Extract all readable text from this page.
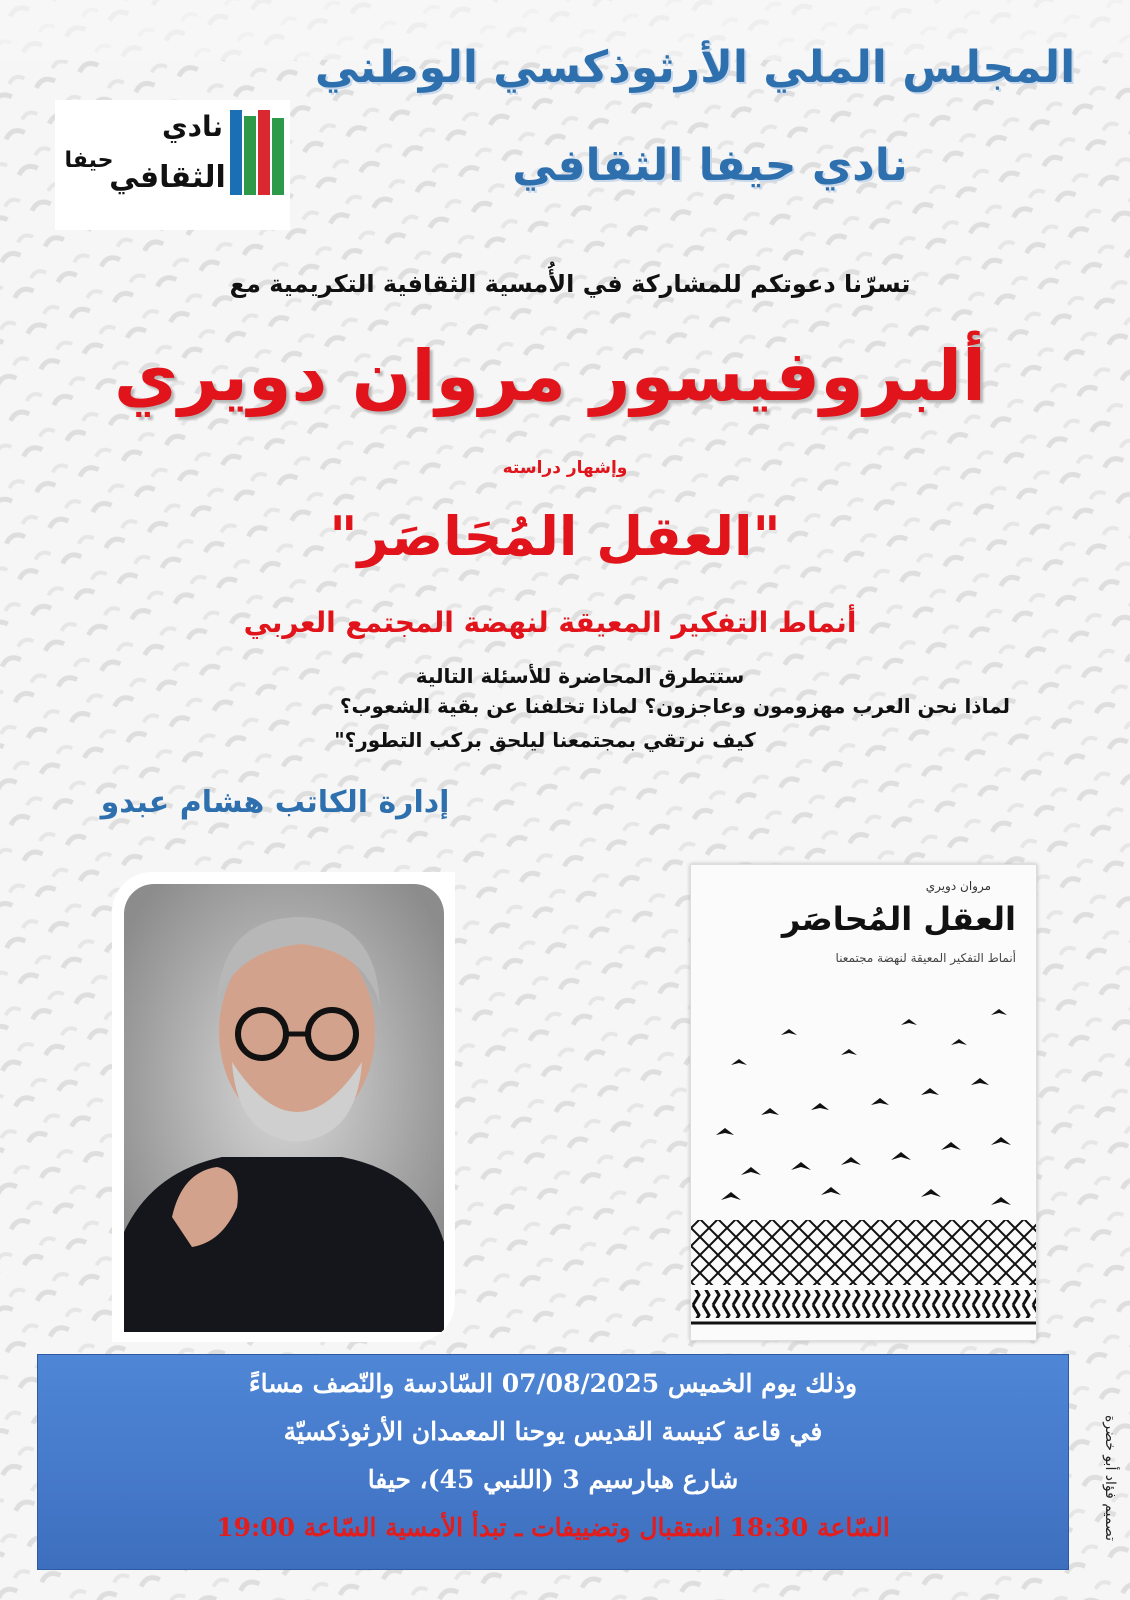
المجلس الملي الأرثوذكسي الوطني
نادي حيفا الثقافي
نادي
حيفا
الثقافي
تسرّنا دعوتكم للمشاركة في الأُمسية الثقافية التكريمية مع
ألبروفيسور مروان دويري
وإشهار دراسته
"العقل المُحَاصَر"
أنماط التفكير المعيقة لنهضة المجتمع العربي
ستتطرق المحاضرة للأسئلة التالية
لماذا نحن العرب مهزومون وعاجزون؟ لماذا تخلفنا عن بقية الشعوب؟
كيف نرتقي بمجتمعنا ليلحق بركب التطور؟"
إدارة الكاتب هشام عبدو
مروان دويري
العقل المُحاصَر
أنماط التفكير المعيقة لنهضة مجتمعنا
وذلك يوم الخميس 07/08/2025 السّادسة والنّصف مساءً
في قاعة كنيسة القديس يوحنا المعمدان الأرثوذكسيّة
شارع هبارسيم 3 (اللنبي 45)، حيفا
السّاعة 18:30 استقبال وتضييفات ـ تبدأ الأمسية السّاعة 19:00	تصميم فؤاد أبو خضرة
